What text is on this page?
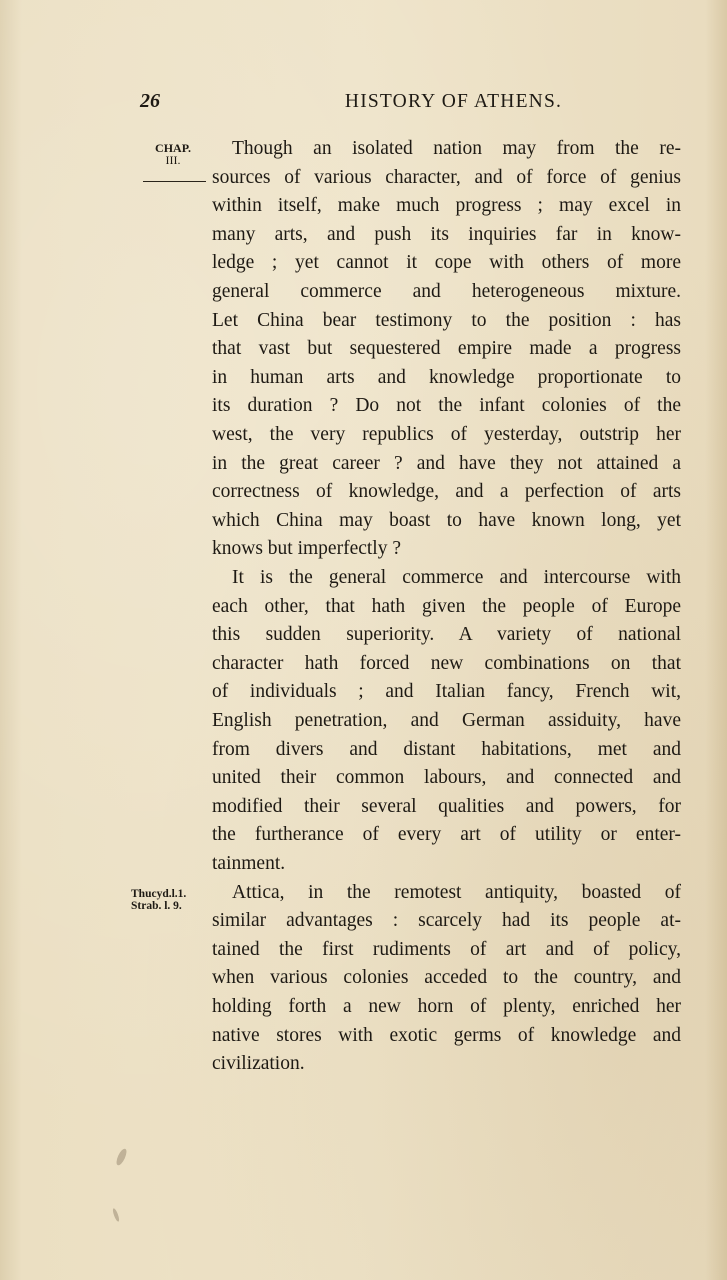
26	HISTORY OF ATHENS.
CHAP.
III.
Thucyd.l.1.
Strab. l. 9.
Though an isolated nation may from the re-
sources of various character, and of force of genius
within itself, make much progress ; may excel in
many arts, and push its inquiries far in know-
ledge ; yet cannot it cope with others of more
general commerce and heterogeneous mixture.
Let China bear testimony to the position : has
that vast but sequestered empire made a progress
in human arts and knowledge proportionate to
its duration ? Do not the infant colonies of the
west, the very republics of yesterday, outstrip her
in the great career ? and have they not attained a
correctness of knowledge, and a perfection of arts
which China may boast to have known long, yet
knows but imperfectly ?
It is the general commerce and intercourse with
each other, that hath given the people of Europe
this sudden superiority. A variety of national
character hath forced new combinations on that
of individuals ; and Italian fancy, French wit,
English penetration, and German assiduity, have
from divers and distant habitations, met and
united their common labours, and connected and
modified their several qualities and powers, for
the furtherance of every art of utility or enter-
tainment.
Attica, in the remotest antiquity, boasted of
similar advantages : scarcely had its people at-
tained the first rudiments of art and of policy,
when various colonies acceded to the country, and
holding forth a new horn of plenty, enriched her
native stores with exotic germs of knowledge and
civilization.
